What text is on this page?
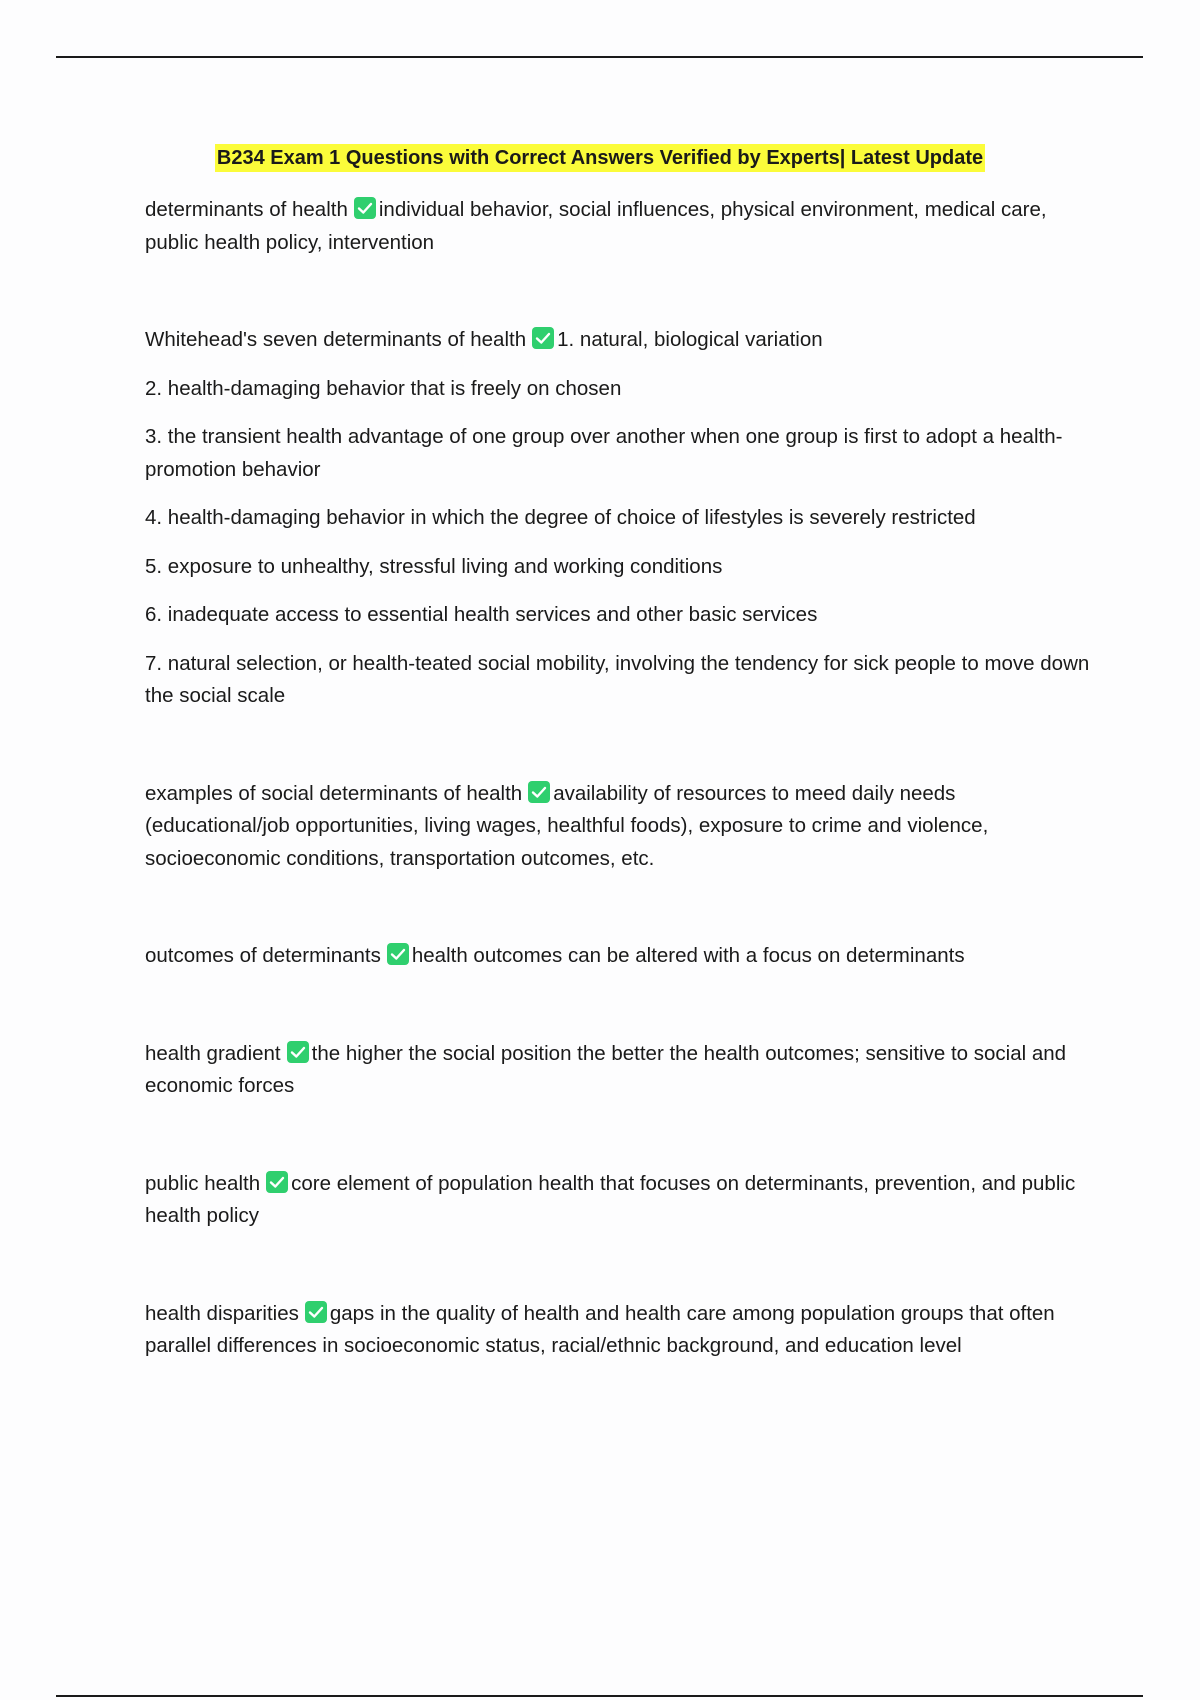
B234 Exam 1 Questions with Correct Answers Verified by Experts| Latest Update

determinants of health individual behavior, social influences, physical environment, medical care, public health policy, intervention

Whitehead's seven determinants of health 1. natural, biological variation

2. health-damaging behavior that is freely on chosen

3. the transient health advantage of one group over another when one group is first to adopt a health-promotion behavior

4. health-damaging behavior in which the degree of choice of lifestyles is severely restricted

5. exposure to unhealthy, stressful living and working conditions

6. inadequate access to essential health services and other basic services

7. natural selection, or health-teated social mobility, involving the tendency for sick people to move down the social scale

examples of social determinants of health availability of resources to meed daily needs (educational/job opportunities, living wages, healthful foods), exposure to crime and violence, socioeconomic conditions, transportation outcomes, etc.

outcomes of determinants health outcomes can be altered with a focus on determinants

health gradient the higher the social position the better the health outcomes; sensitive to social and economic forces

public health core element of population health that focuses on determinants, prevention, and public health policy

health disparities gaps in the quality of health and health care among population groups that often parallel differences in socioeconomic status, racial/ethnic background, and education level
